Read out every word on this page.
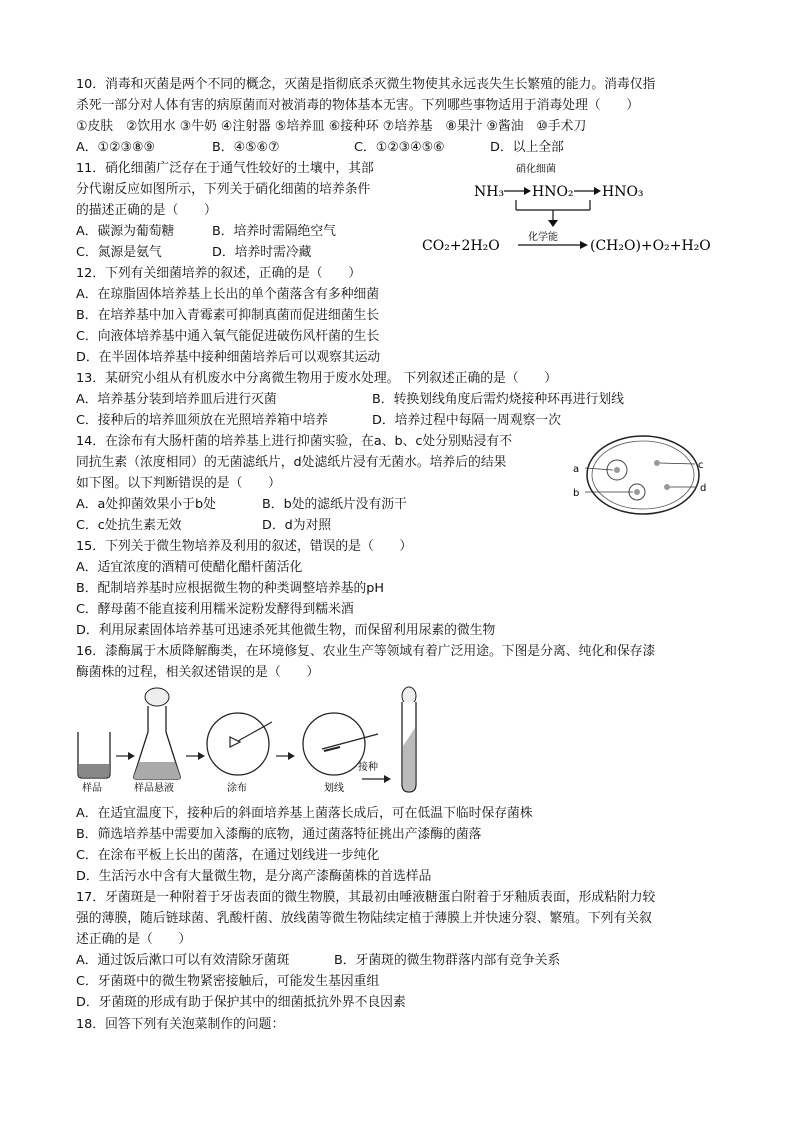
10．消毒和灭菌是两个不同的概念，灭菌是指彻底杀灭微生物使其永远丧失生长繁殖的能力。消毒仅指
杀死一部分对人体有害的病原菌而对被消毒的物体基本无害。下列哪些事物适用于消毒处理（　　）
①皮肤　②饮用水 ③牛奶 ④注射器 ⑤培养皿 ⑥接种环 ⑦培养基　⑧果汁 ⑨酱油　⑩手术刀
A．①②③⑧⑨	B．④⑤⑥⑦	C．①②③④⑤⑥	D．以上全部
11．硝化细菌广泛存在于通气性较好的土壤中，其部
分代谢反应如图所示，下列关于硝化细菌的培养条件
的描述正确的是（　　）
A．碳源为葡萄糖	B．培养时需隔绝空气
C．氮源是氨气	D．培养时需冷藏
硝化细菌
NH₃ HNO₂ HNO₃
化学能
CO₂+2H₂O	(CH₂O)+O₂+H₂O
12．下列有关细菌培养的叙述，正确的是（　　）
A．在琼脂固体培养基上长出的单个菌落含有多种细菌
B．在培养基中加入青霉素可抑制真菌而促进细菌生长
C．向液体培养基中通入氧气能促进破伤风杆菌的生长
D．在半固体培养基中接种细菌培养后可以观察其运动
13．某研究小组从有机废水中分离微生物用于废水处理。 下列叙述正确的是（　　）
A．培养基分装到培养皿后进行灭菌	B．转换划线角度后需灼烧接种环再进行划线
C．接种后的培养皿须放在光照培养箱中培养	D．培养过程中每隔一周观察一次
14．在涂布有大肠杆菌的培养基上进行抑菌实验，在a、b、c处分别贴浸有不
同抗生素（浓度相同）的无菌滤纸片，d处滤纸片浸有无菌水。培养后的结果
如下图。以下判断错误的是（　　）
A．a处抑菌效果小于b处	B．b处的滤纸片没有沥干
C．c处抗生素无效	D．d为对照
a
b
c
d
15．下列关于微生物培养及利用的叙述，错误的是（　　）
A．适宜浓度的酒精可使醋化醋杆菌活化
B．配制培养基时应根据微生物的种类调整培养基的pH
C．酵母菌不能直接利用糯米淀粉发酵得到糯米酒
D．利用尿素固体培养基可迅速杀死其他微生物，而保留利用尿素的微生物
16．漆酶属于木质降解酶类，在环境修复、农业生产等领域有着广泛用途。下图是分离、纯化和保存漆
酶菌株的过程，相关叙述错误的是（　　）
样品	样品悬液	涂布	划线
接种
A．在适宜温度下，接种后的斜面培养基上菌落长成后，可在低温下临时保存菌株
B．筛选培养基中需要加入漆酶的底物，通过菌落特征挑出产漆酶的菌落
C．在涂布平板上长出的菌落，在通过划线进一步纯化
D．生活污水中含有大量微生物，是分离产漆酶菌株的首选样品
17．牙菌斑是一种附着于牙齿表面的微生物膜，其最初由唾液糖蛋白附着于牙釉质表面，形成粘附力较
强的薄膜，随后链球菌、乳酸杆菌、放线菌等微生物陆续定植于薄膜上并快速分裂、繁殖。下列有关叙
述正确的是（　　）
A．通过饭后漱口可以有效清除牙菌斑	B．牙菌斑的微生物群落内部有竞争关系
C．牙菌斑中的微生物紧密接触后，可能发生基因重组
D．牙菌斑的形成有助于保护其中的细菌抵抗外界不良因素
18．回答下列有关泡菜制作的问题：
